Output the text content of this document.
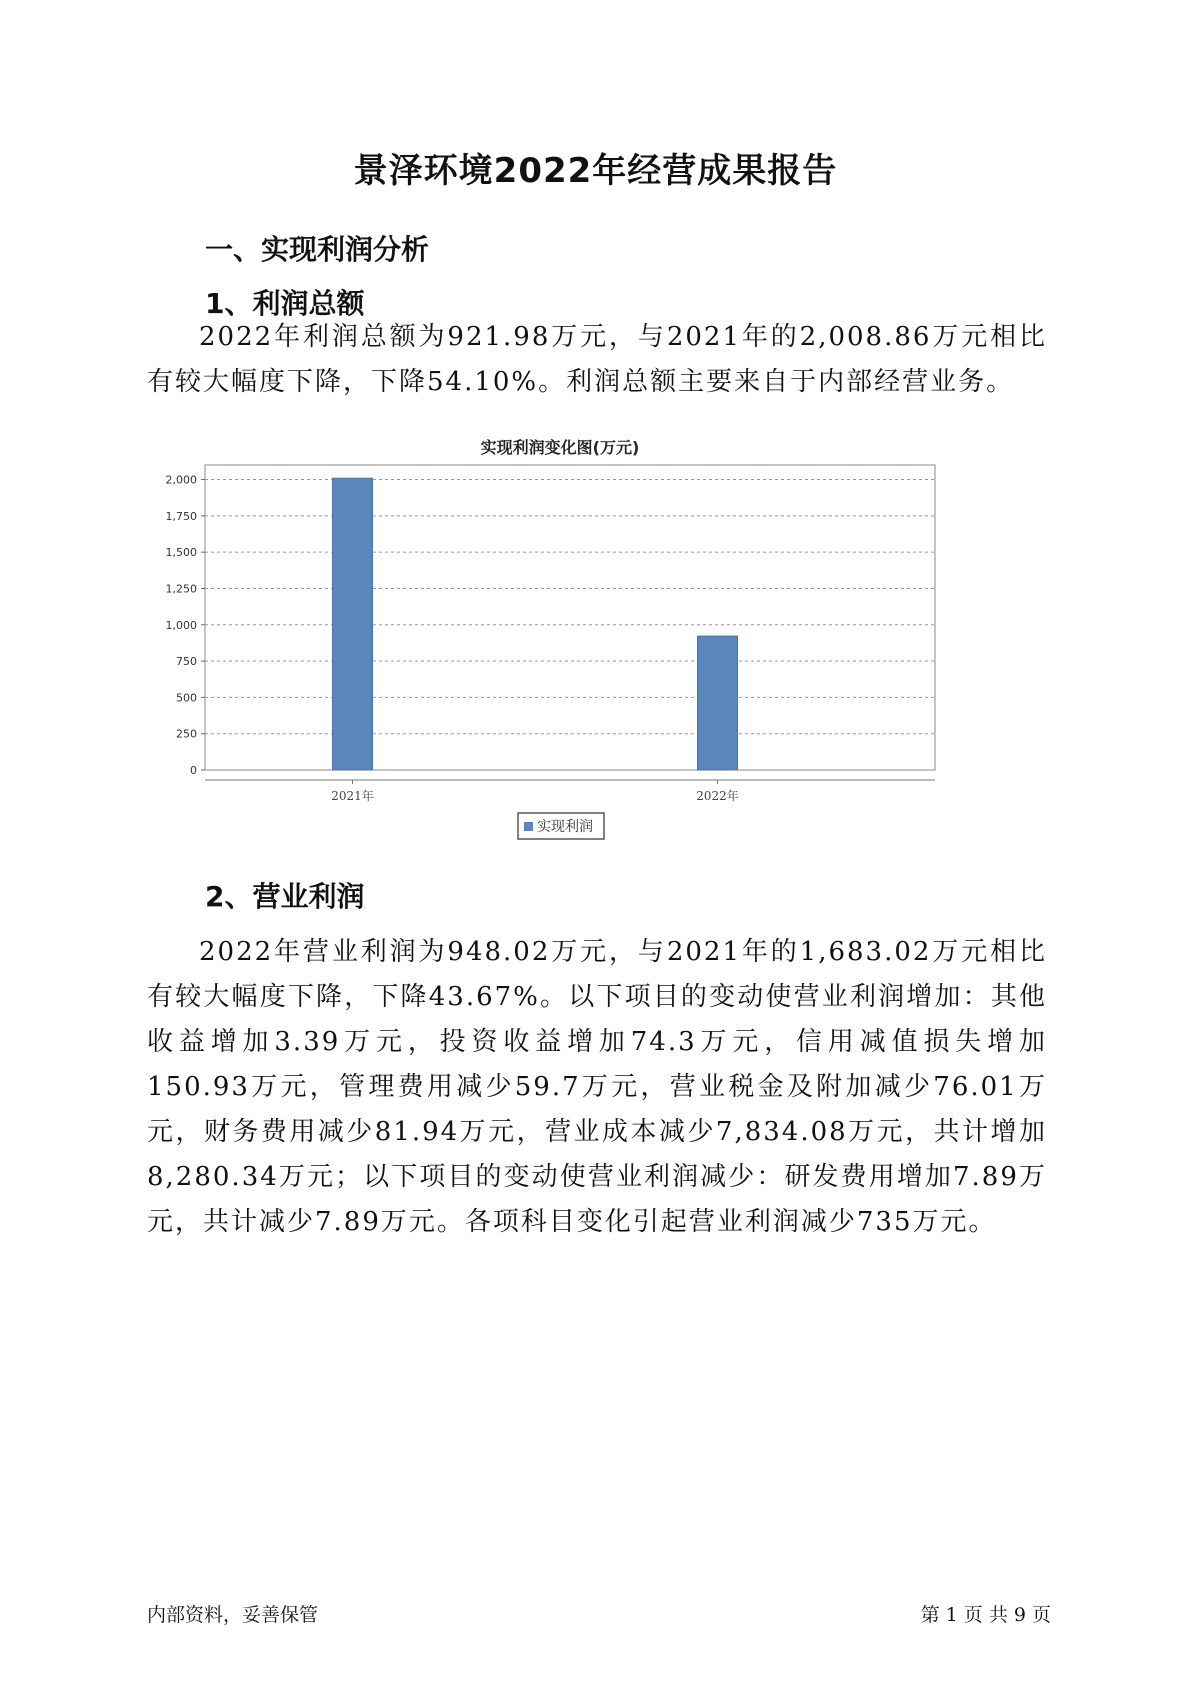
景泽环境2022年经营成果报告
一、实现利润分析
1、利润总额

2022年利润总额为921.98万元，与2021年的2,008.86万元相比有较大幅度下降，下降54.10%。利润总额主要来自于内部经营业务。

实现利润变化图(万元)
0
250
500
750
1,000
1,250
1,500
1,750
2,000
2021年	2022年
实现利润
2、营业利润

2022年营业利润为948.02万元，与2021年的1,683.02万元相比有较大幅度下降，下降43.67%。以下项目的变动使营业利润增加：其他收益增加3.39万元，投资收益增加74.3万元，信用减值损失增加150.93万元，管理费用减少59.7万元，营业税金及附加减少76.01万元，财务费用减少81.94万元，营业成本减少7,834.08万元，共计增加8,280.34万元；以下项目的变动使营业利润减少：研发费用增加7.89万元，共计减少7.89万元。各项科目变化引起营业利润减少735万元。

内部资料，妥善保管	第 1 页 共 9 页
